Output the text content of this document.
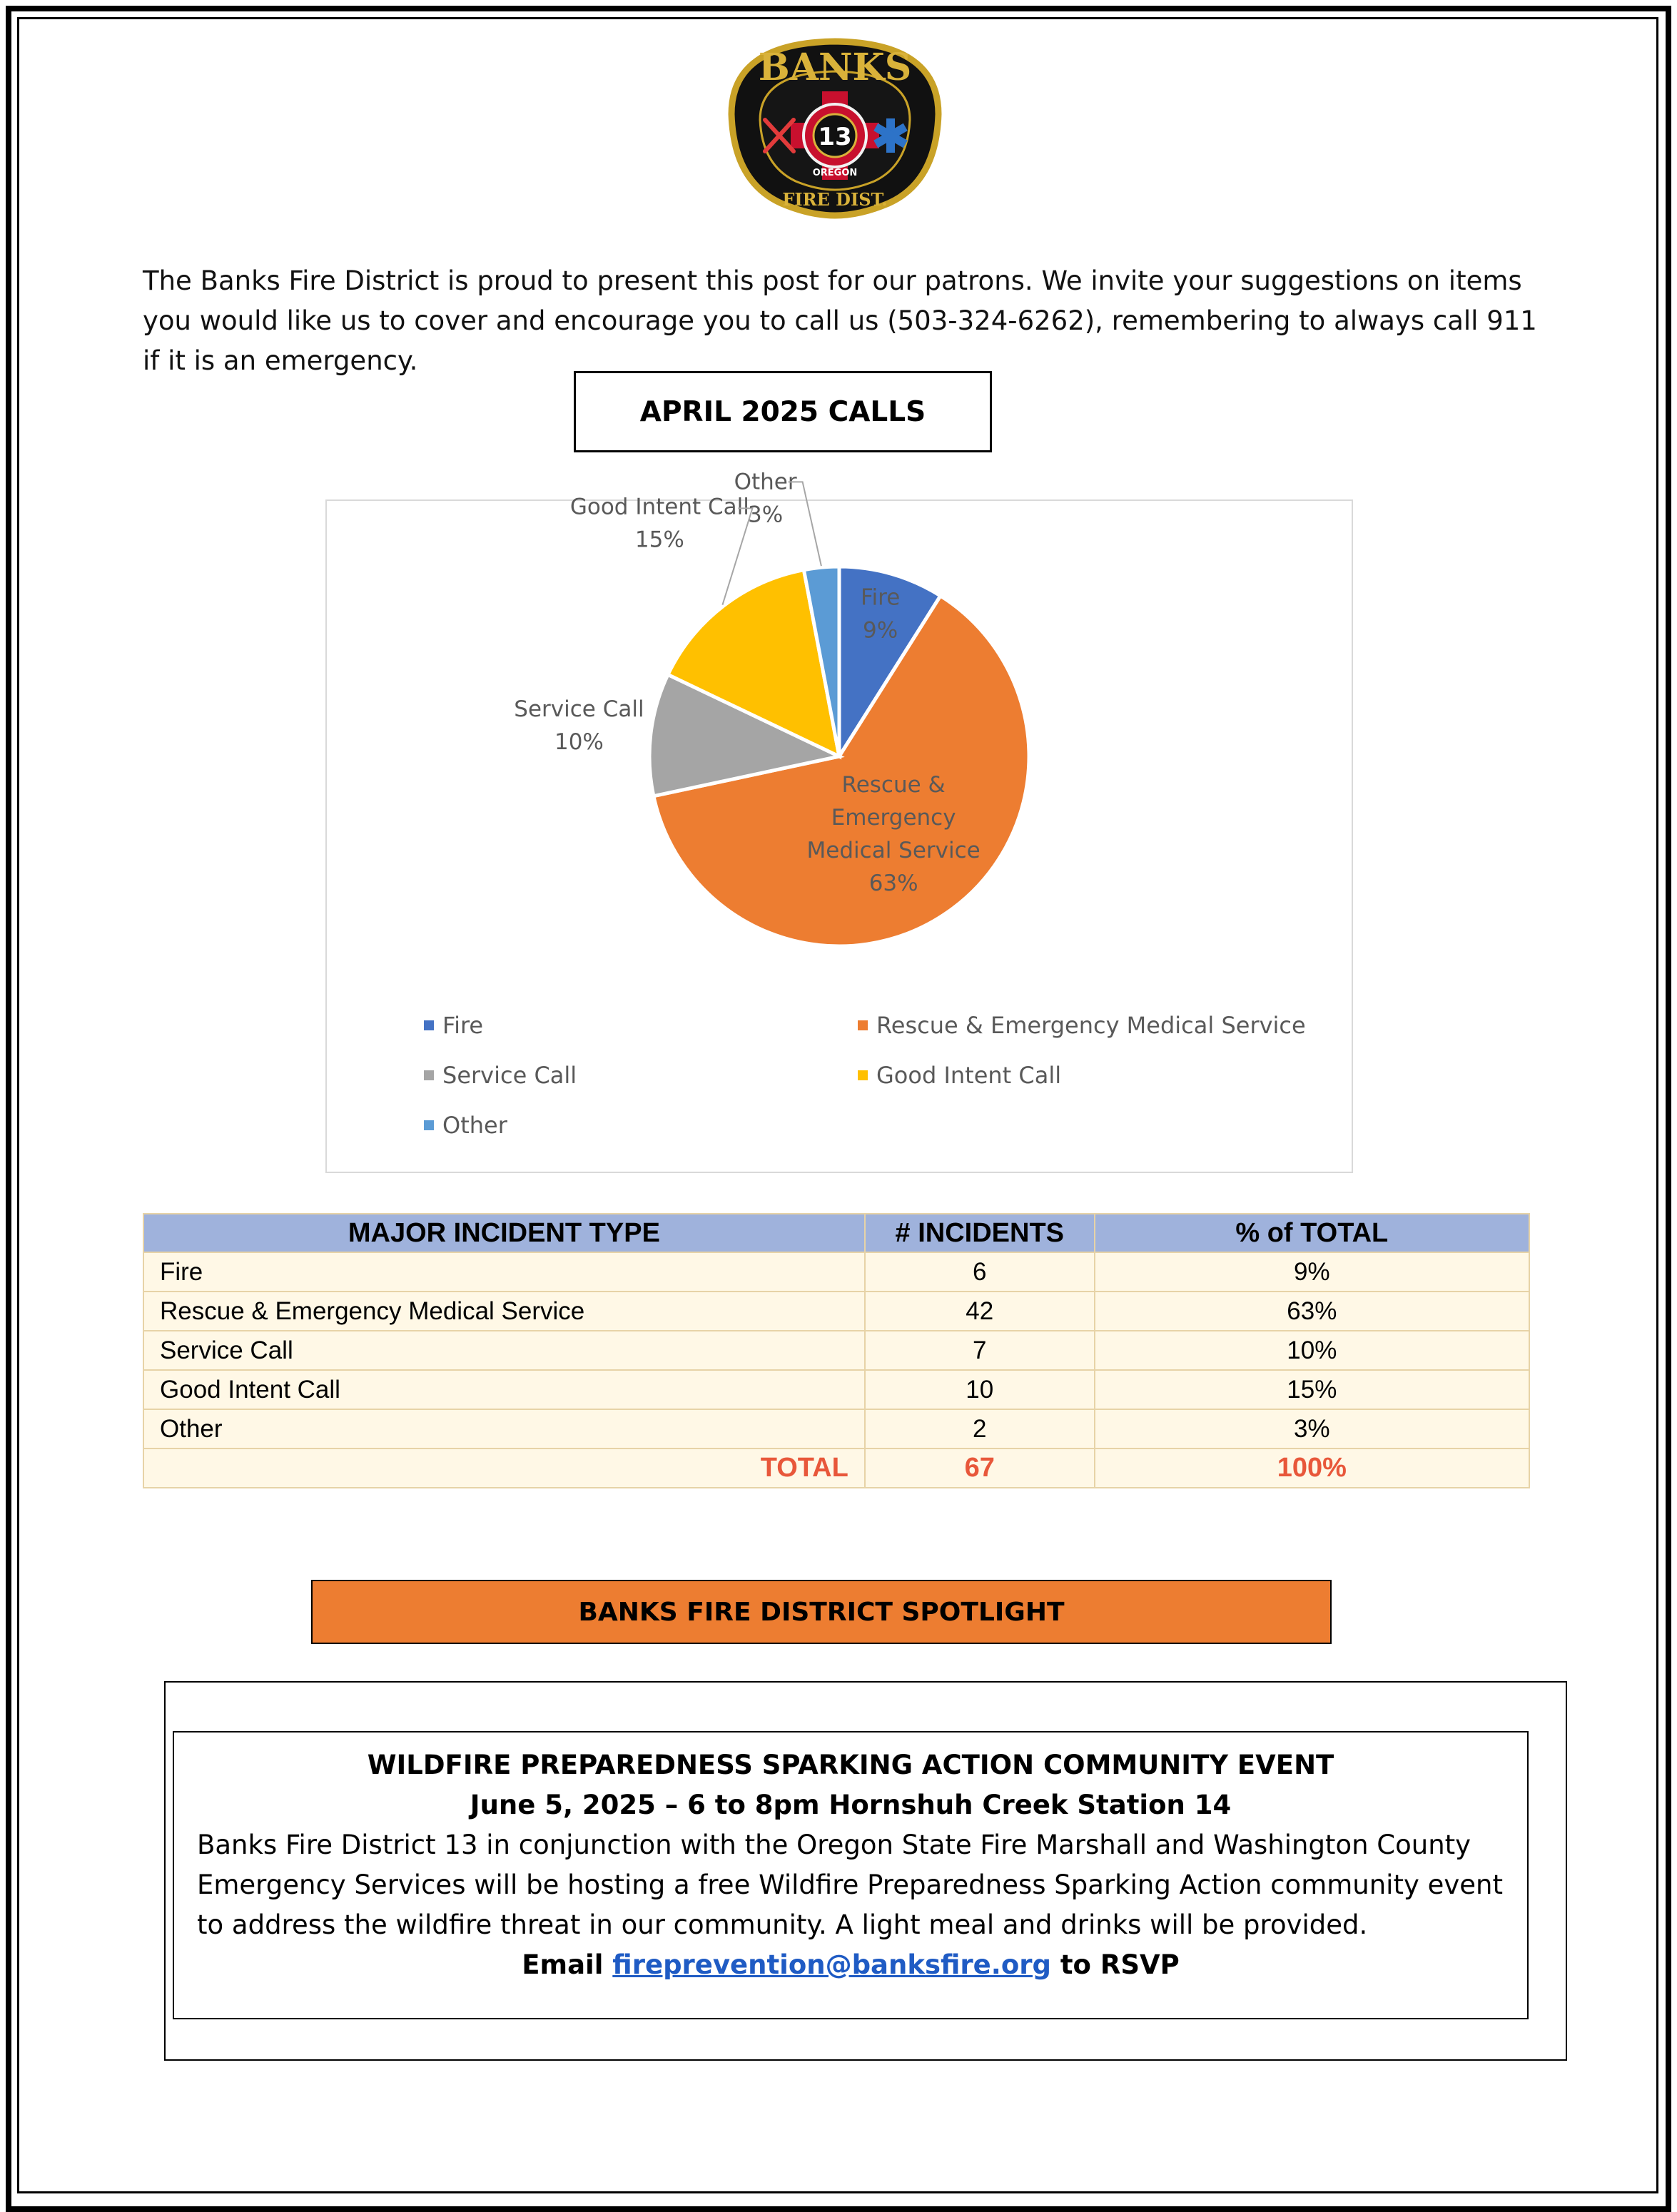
BANKS
13
OREGON
FIRE DIST.
The Banks Fire District is proud to present this post for our patrons. We invite your suggestions on items you would like us to cover and encourage you to call us (503-324-6262), remembering to always call 911 if it is an emergency.
APRIL 2025 CALLS
Fire
9%
Rescue &
Emergency
Medical Service
63%
Service Call
10%
Good Intent Call
15%
Other
3%
Fire	Rescue & Emergency Medical Service
Service Call	Good Intent Call
Other
MAJOR INCIDENT TYPE	# INCIDENTS	% of TOTAL
Fire	6	9%
Rescue & Emergency Medical Service	42	63%
Service Call	7	10%
Good Intent Call	10	15%
Other	2	3%
TOTAL	67	100%
BANKS FIRE DISTRICT SPOTLIGHT
WILDFIRE PREPAREDNESS SPARKING ACTION COMMUNITY EVENT
June 5, 2025 – 6 to 8pm Hornshuh Creek Station 14
Banks Fire District 13 in conjunction with the Oregon State Fire Marshall and Washington County Emergency Services will be hosting a free Wildfire Preparedness Sparking Action community event to address the wildfire threat in our community. A light meal and drinks will be provided.
Email fireprevention@banksfire.org to RSVP
